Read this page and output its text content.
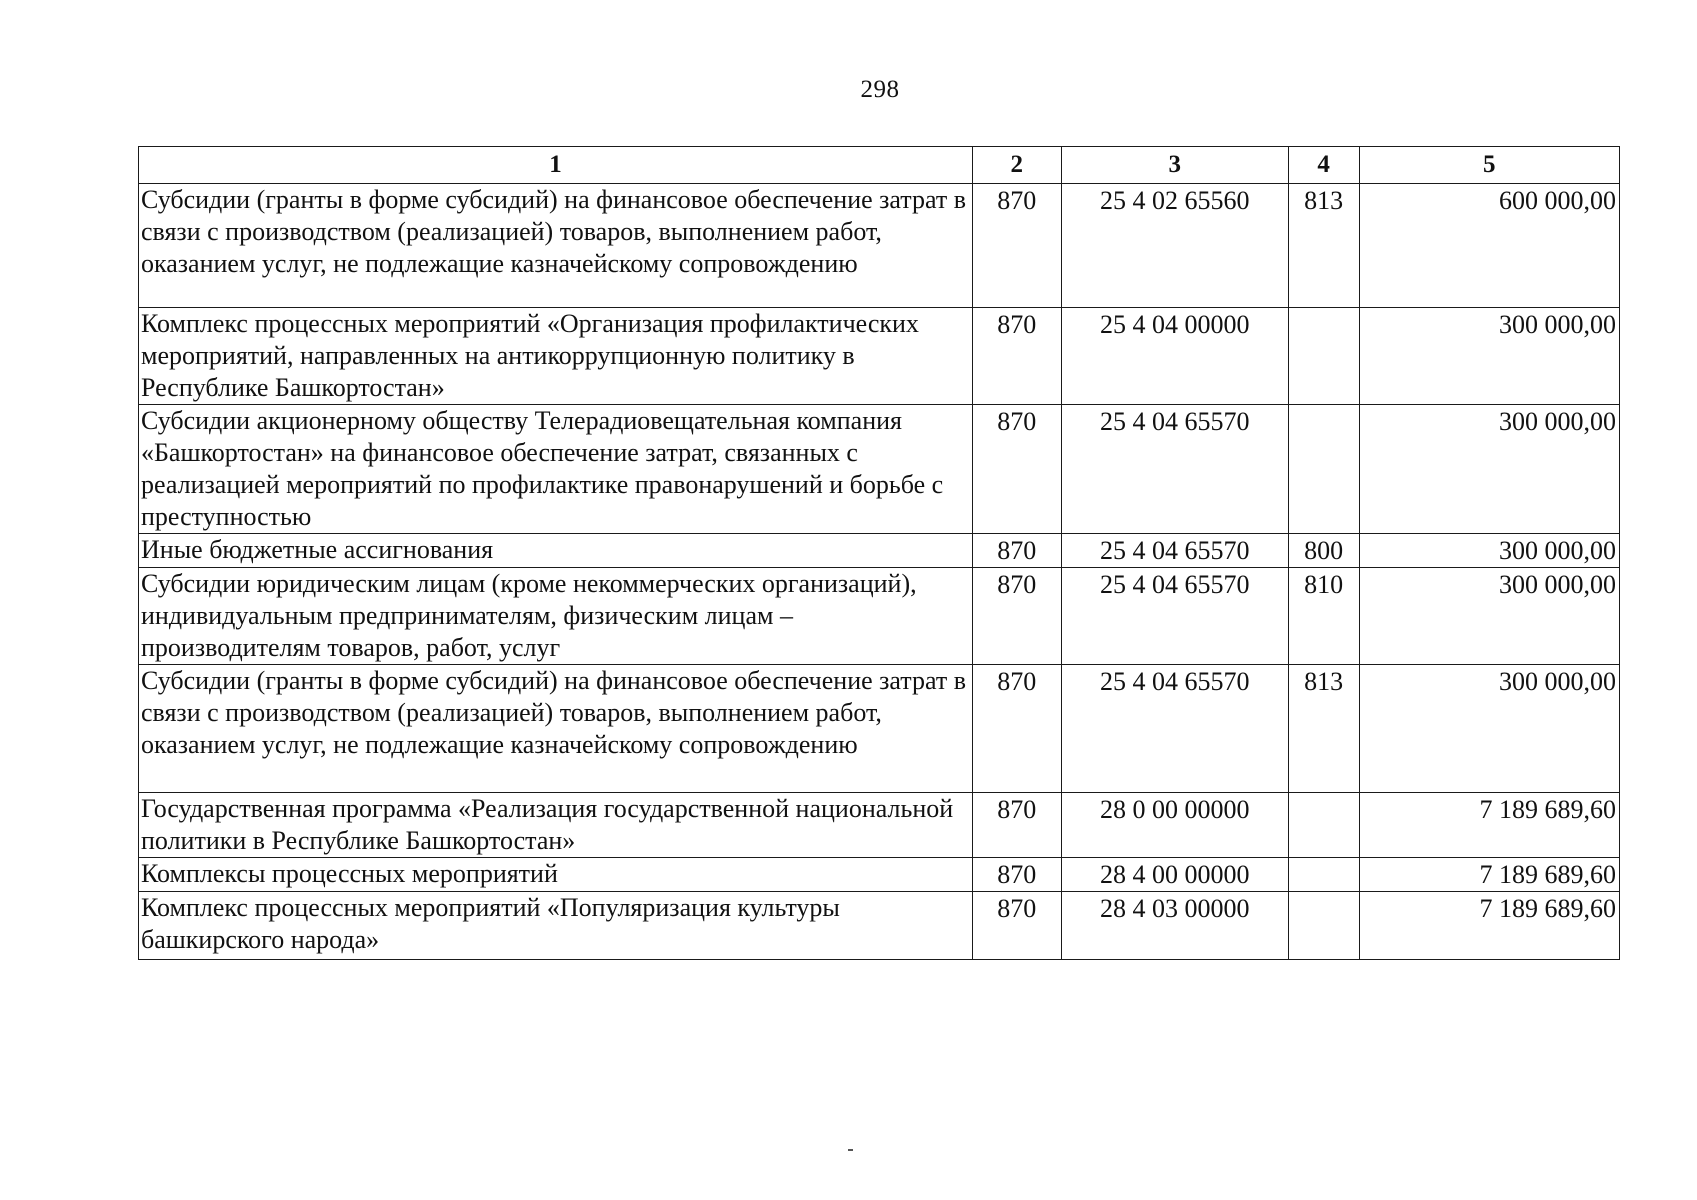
298
1	2	3	4	5
Субсидии (гранты в форме субсидий) на финансовое обеспечение затрат в связи с производством (реализацией) товаров, выполнением работ, оказанием услуг, не подлежащие казначейскому сопровождению	870	25 4 02 65560	813	600 000,00
Комплекс процессных мероприятий «Организация профилактических мероприятий, направленных на антикоррупционную политику в Республике Башкортостан»	870	25 4 04 00000		300 000,00
Субсидии акционерному обществу Телерадиовещательная компания «Башкортостан» на финансовое обеспечение затрат, связанных с реализацией мероприятий по профилактике правонарушений и борьбе с преступностью	870	25 4 04 65570		300 000,00
Иные бюджетные ассигнования	870	25 4 04 65570	800	300 000,00
Субсидии юридическим лицам (кроме некоммерческих организаций), индивидуальным предпринимателям, физическим лицам – производителям товаров, работ, услуг	870	25 4 04 65570	810	300 000,00
Субсидии (гранты в форме субсидий) на финансовое обеспечение затрат в связи с производством (реализацией) товаров, выполнением работ, оказанием услуг, не подлежащие казначейскому сопровождению	870	25 4 04 65570	813	300 000,00
Государственная программа «Реализация государственной национальной политики в Республике Башкортостан»	870	28 0 00 00000		7 189 689,60
Комплексы процессных мероприятий	870	28 4 00 00000		7 189 689,60
Комплекс процессных мероприятий «Популяризация культуры башкирского народа»	870	28 4 03 00000		7 189 689,60
